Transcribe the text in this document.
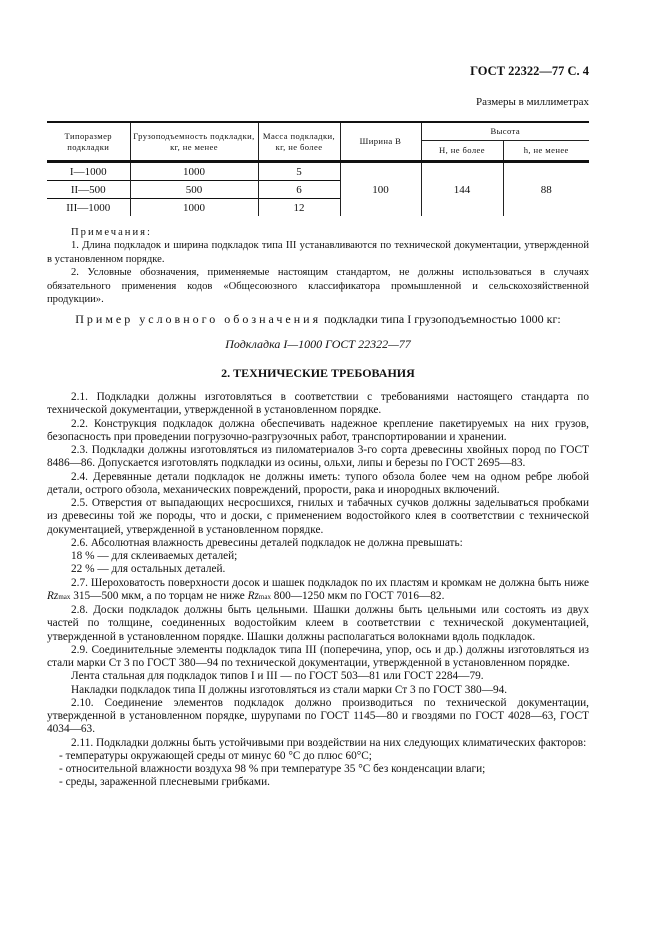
ГОСТ 22322—77 С. 4
Размеры в миллиметрах
Типоразмер подкладки	Грузоподъемность подкладки, кг, не менее	Масса подкладки, кг, не более	Ширина B	Высота	
				H, не более	h, не менее
I—1000	1000	5	100	144	88
II—500	500	6			
III—1000	1000	12			
Примечания:
1. Длина подкладок и ширина подкладок типа III устанавливаются по технической документации, утвержденной в установленном порядке.
2. Условные обозначения, применяемые настоящим стандартом, не должны использоваться в случаях обязательного применения кодов «Общесоюзного классификатора промышленной и сельскохозяйственной продукции».
Пример условного обозначения подкладки типа I грузоподъемностью 1000 кг:
Подкладка I—1000 ГОСТ 22322—77
2. ТЕХНИЧЕСКИЕ ТРЕБОВАНИЯ
2.1. Подкладки должны изготовляться в соответствии с требованиями настоящего стандарта по технической документации, утвержденной в установленном порядке.
2.2. Конструкция подкладок должна обеспечивать надежное крепление пакетируемых на них грузов, безопасность при проведении погрузочно-разгрузочных работ, транспортировании и хранении.
2.3. Подкладки должны изготовляться из пиломатериалов 3-го сорта древесины хвойных пород по ГОСТ 8486—86. Допускается изготовлять подкладки из осины, ольхи, липы и березы по ГОСТ 2695—83.
2.4. Деревянные детали подкладок не должны иметь: тупого обзола более чем на одном ребре любой детали, острого обзола, механических повреждений, прорости, рака и инородных включений.
2.5. Отверстия от выпадающих несросшихся, гнилых и табачных сучков должны заделываться пробками из древесины той же породы, что и доски, с применением водостойкого клея в соответствии с технической документацией, утвержденной в установленном порядке.
2.6. Абсолютная влажность древесины деталей подкладок не должна превышать:
18 % — для склеиваемых деталей;
22 % — для остальных деталей.
2.7. Шероховатость поверхности досок и шашек подкладок по их пластям и кромкам не должна быть ниже Rzmax 315—500 мкм, а по торцам не ниже Rzmax 800—1250 мкм по ГОСТ 7016—82.
2.8. Доски подкладок должны быть цельными. Шашки должны быть цельными или состоять из двух частей по толщине, соединенных водостойким клеем в соответствии с технической документацией, утвержденной в установленном порядке. Шашки должны располагаться волокнами вдоль подкладок.
2.9. Соединительные элементы подкладок типа III (поперечина, упор, ось и др.) должны изготовляться из стали марки Ст 3 по ГОСТ 380—94 по технической документации, утвержденной в установленном порядке.
Лента стальная для подкладок типов I и III — по ГОСТ 503—81 или ГОСТ 2284—79.
Накладки подкладок типа II должны изготовляться из стали марки Ст 3 по ГОСТ 380—94.
2.10. Соединение элементов подкладок должно производиться по технической документации, утвержденной в установленном порядке, шурупами по ГОСТ 1145—80 и гвоздями по ГОСТ 4028—63, ГОСТ 4034—63.
2.11. Подкладки должны быть устойчивыми при воздействии на них следующих климатических факторов:
- температуры окружающей среды от минус 60 °С до плюс 60°С;
- относительной влажности воздуха 98 % при температуре 35 °С без конденсации влаги;
- среды, зараженной плесневыми грибками.
